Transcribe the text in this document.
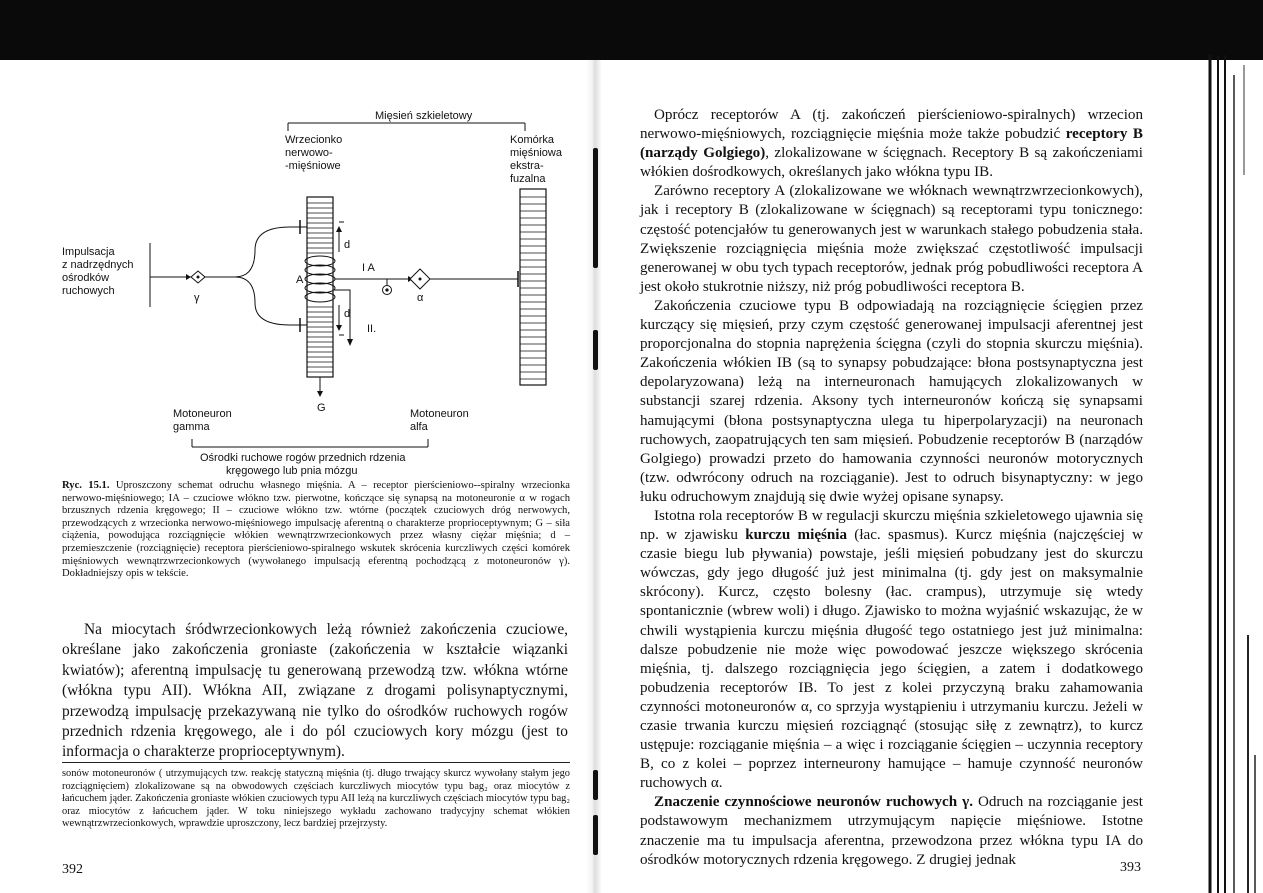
Mięsień szkieletowy
Wrzecionko
nerwowo-
-mięśniowe
Komórka
mięśniowa
ekstra-
fuzalna
A
γ
Impulsacja
z nadrzędnych
ośrodków
ruchowych
d
d
I A
α
II.
G
Motoneuron
gamma
Motoneuron
alfa
Ośrodki ruchowe rogów przednich rdzenia
kręgowego lub pnia mózgu
Ryc. 15.1. Uproszczony schemat odruchu własnego mięśnia. A – receptor pierścieniowo--spiralny wrzecionka nerwowo-mięśniowego; IA – czuciowe włókno tzw. pierwotne, kończące się synapsą na motoneuronie α w rogach brzusznych rdzenia kręgowego; II – czuciowe włókno tzw. wtórne (początek czuciowych dróg nerwowych, przewodzących z wrzecionka nerwowo-mięśniowego impulsację aferentną o charakterze proprioceptywnym; G – siła ciążenia, powodująca rozciągnięcie włókien wewnątrzwrzecionkowych przez własny ciężar mięśnia; d – przemieszczenie (rozciągnięcie) receptora pierścieniowo-spiralnego wskutek skrócenia kurczliwych części komórek mięśniowych wewnątrzwrzecionkowych (wywołanego impulsacją eferentną pochodzącą z motoneuronów γ). Dokładniejszy opis w tekście.
Na miocytach śródwrzecionkowych leżą również zakończenia czuciowe, określane jako zakończenia groniaste (zakończenia w kształcie wiązanki kwiatów); aferentną impulsację tu generowaną przewodzą tzw. włókna wtórne (włókna typu AII). Włókna AII, związane z drogami polisynaptycznymi, przewodzą impulsację przekazywaną nie tylko do ośrodków ruchowych rogów przednich rdzenia kręgowego, ale i do pól czuciowych kory mózgu (jest to informacja o charakterze proprioceptywnym).
sonów motoneuronów ( utrzymujących tzw. reakcję statyczną mięśnia (tj. długo trwający skurcz wywołany stałym jego rozciągnięciem) zlokalizowane są na obwodowych częściach kurczliwych miocytów typu bag₂ oraz miocytów z łańcuchem jąder. Zakończenia groniaste włókien czuciowych typu AII leżą na kurczliwych częściach miocytów typu bag₂ oraz miocytów z łańcuchem jąder. W toku niniejszego wykładu zachowano tradycyjny schemat włókien wewnątrzwrzecionkowych, wprawdzie uproszczony, lecz bardziej przejrzysty.
392

Oprócz receptorów A (tj. zakończeń pierścieniowo-spiralnych) wrzecion nerwowo-mięśniowych, rozciągnięcie mięśnia może także pobudzić receptory B (narządy Golgiego), zlokalizowane w ścięgnach. Receptory B są zakończeniami włókien dośrodkowych, określanych jako włókna typu IB.

Zarówno receptory A (zlokalizowane we włóknach wewnątrzwrzecionkowych), jak i receptory B (zlokalizowane w ścięgnach) są receptorami typu tonicznego: częstość potencjałów tu generowanych jest w warunkach stałego pobudzenia stała. Zwiększenie rozciągnięcia mięśnia może zwiększać częstotliwość impulsacji generowanej w obu tych typach receptorów, jednak próg pobudliwości receptora A jest około stukrotnie niższy, niż próg pobudliwości receptora B.

Zakończenia czuciowe typu B odpowiadają na rozciągnięcie ścięgien przez kurczący się mięsień, przy czym częstość generowanej impulsacji aferentnej jest proporcjonalna do stopnia naprężenia ścięgna (czyli do stopnia skurczu mięśnia). Zakończenia włókien IB (są to synapsy pobudzające: błona postsynaptyczna jest depolaryzowana) leżą na interneuronach hamujących zlokalizowanych w substancji szarej rdzenia. Aksony tych interneuronów kończą się synapsami hamującymi (błona postsynaptyczna ulega tu hiperpolaryzacji) na neuronach ruchowych, zaopatrujących ten sam mięsień. Pobudzenie receptorów B (narządów Golgiego) prowadzi przeto do hamowania czynności neuronów motorycznych (tzw. odwrócony odruch na rozciąganie). Jest to odruch bisynaptyczny: w jego łuku odruchowym znajdują się dwie wyżej opisane synapsy.

Istotna rola receptorów B w regulacji skurczu mięśnia szkieletowego ujawnia się np. w zjawisku kurczu mięśnia (łac. spasmus). Kurcz mięśnia (najczęściej w czasie biegu lub pływania) powstaje, jeśli mięsień pobudzany jest do skurczu wówczas, gdy jego długość już jest minimalna (tj. gdy jest on maksymalnie skrócony). Kurcz, często bolesny (łac. crampus), utrzymuje się wtedy spontanicznie (wbrew woli) i długo. Zjawisko to można wyjaśnić wskazując, że w chwili wystąpienia kurczu mięśnia długość tego ostatniego jest już minimalna: dalsze pobudzenie nie może więc powodować jeszcze większego skrócenia mięśnia, tj. dalszego rozciągnięcia jego ścięgien, a zatem i dodatkowego pobudzenia receptorów IB. To jest z kolei przyczyną braku zahamowania czynności motoneuronów α, co sprzyja wystąpieniu i utrzymaniu kurczu. Jeżeli w czasie trwania kurczu mięsień rozciągnąć (stosując siłę z zewnątrz), to kurcz ustępuje: rozciąganie mięśnia – a więc i rozciąganie ścięgien – uczynnia receptory B, co z kolei – poprzez interneurony hamujące – hamuje czynność neuronów ruchowych α.

Znaczenie czynnościowe neuronów ruchowych γ. Odruch na rozciąganie jest podstawowym mechanizmem utrzymującym napięcie mięśniowe. Istotne znaczenie ma tu impulsacja aferentna, przewodzona przez włókna typu IA do ośrodków motorycznych rdzenia kręgowego. Z drugiej jednak	393
